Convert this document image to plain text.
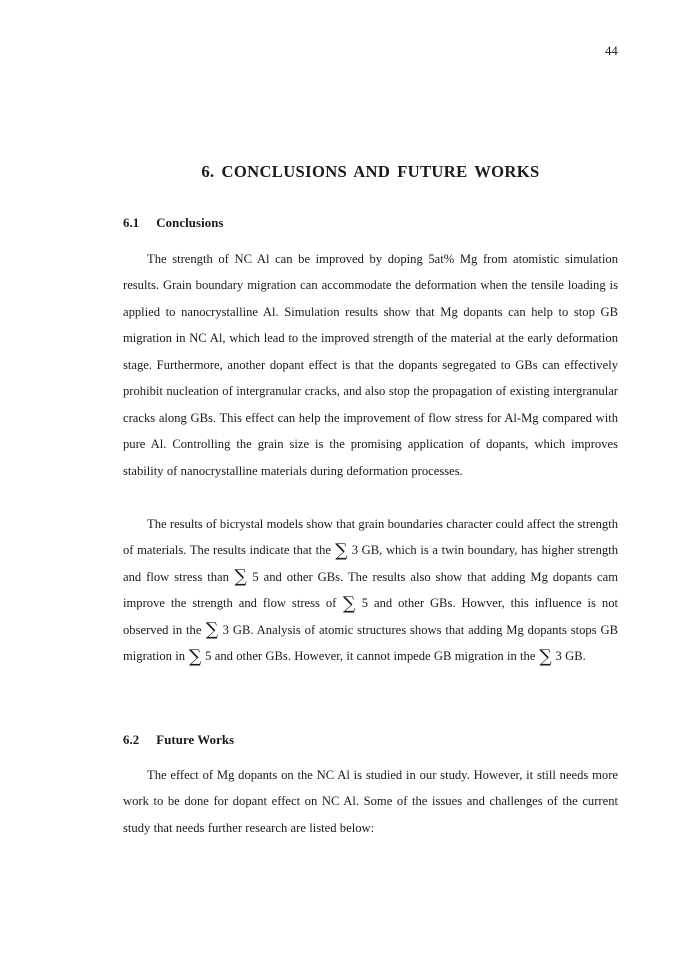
44
6. CONCLUSIONS AND FUTURE WORKS
6.1 Conclusions

The strength of NC Al can be improved by doping 5at% Mg from atomistic simulation results. Grain boundary migration can accommodate the deformation when the tensile loading is applied to nanocrystalline Al. Simulation results show that Mg dopants can help to stop GB migration in NC Al, which lead to the improved strength of the material at the early deformation stage. Furthermore, another dopant effect is that the dopants segregated to GBs can effectively prohibit nucleation of intergranular cracks, and also stop the propagation of existing intergranular cracks along GBs. This effect can help the improvement of flow stress for Al-Mg compared with pure Al. Controlling the grain size is the promising application of dopants, which improves stability of nanocrystalline materials during deformation processes.

The results of bicrystal models show that grain boundaries character could affect the strength of materials. The results indicate that the ∑ 3 GB, which is a twin boundary, has higher strength and flow stress than ∑ 5 and other GBs. The results also show that adding Mg dopants cam improve the strength and flow stress of ∑ 5 and other GBs. Howver, this influence is not observed in the ∑ 3 GB. Analysis of atomic structures shows that adding Mg dopants stops GB migration in ∑ 5 and other GBs. However, it cannot impede GB migration in the ∑ 3 GB.

6.2 Future Works

The effect of Mg dopants on the NC Al is studied in our study. However, it still needs more work to be done for dopant effect on NC Al. Some of the issues and challenges of the current study that needs further research are listed below:
